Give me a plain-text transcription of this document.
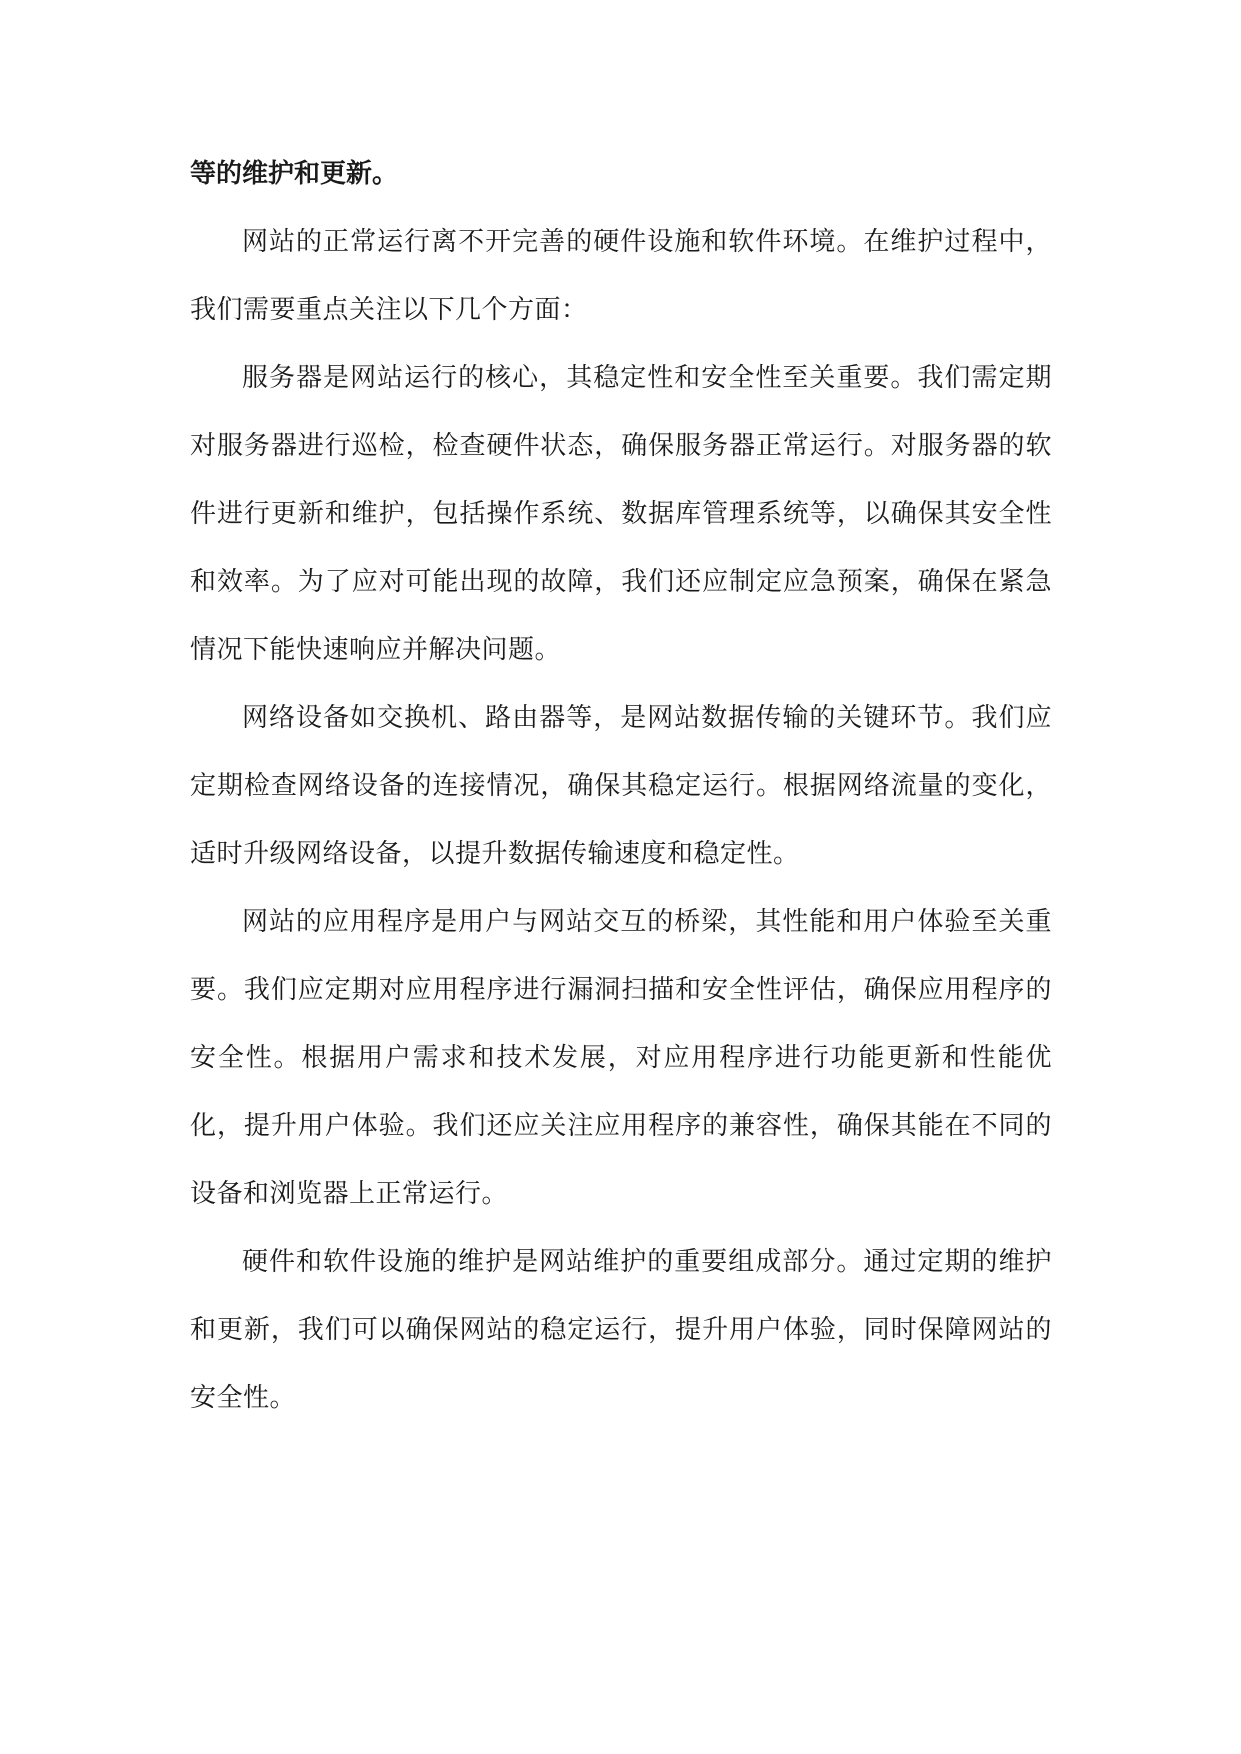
等的维护和更新。

网站的正常运行离不开完善的硬件设施和软件环境。在维护过程中，我们需要重点关注以下几个方面：

服务器是网站运行的核心，其稳定性和安全性至关重要。我们需定期对服务器进行巡检，检查硬件状态，确保服务器正常运行。对服务器的软件进行更新和维护，包括操作系统、数据库管理系统等，以确保其安全性和效率。为了应对可能出现的故障，我们还应制定应急预案，确保在紧急情况下能快速响应并解决问题。

网络设备如交换机、路由器等，是网站数据传输的关键环节。我们应定期检查网络设备的连接情况，确保其稳定运行。根据网络流量的变化，适时升级网络设备，以提升数据传输速度和稳定性。

网站的应用程序是用户与网站交互的桥梁，其性能和用户体验至关重要。我们应定期对应用程序进行漏洞扫描和安全性评估，确保应用程序的安全性。根据用户需求和技术发展，对应用程序进行功能更新和性能优化，提升用户体验。我们还应关注应用程序的兼容性，确保其能在不同的设备和浏览器上正常运行。

硬件和软件设施的维护是网站维护的重要组成部分。通过定期的维护和更新，我们可以确保网站的稳定运行，提升用户体验，同时保障网站的安全性。
